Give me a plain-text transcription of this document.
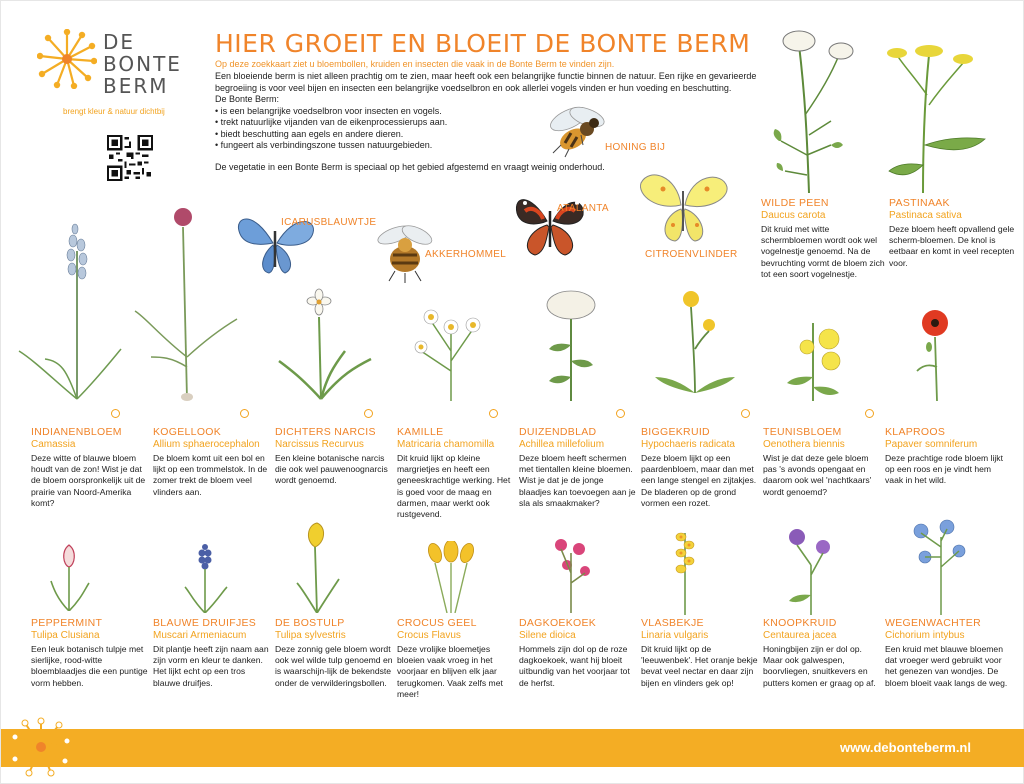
DE
BONTE
BERM
brengt kleur & natuur dichtbij
HIER GROEIT EN BLOEIT DE BONTE BERM
Op deze zoekkaart ziet u bloembollen, kruiden en insecten die vaak in de Bonte Berm te vinden zijn.

Een bloeiende berm is niet alleen prachtig om te zien, maar heeft ook een belangrijke functie binnen de natuur. Een rijke en gevarieerde begroeiing is voor veel bijen en insecten een belangrijke voedselbron en ook allerlei vogels vinden er hun voeding en beschutting.

De Bonte Berm:

• is een belangrijke voedselbron voor insecten en vogels.
• trekt natuurlijke vijanden van de eikenprocessierups aan.
• biedt beschutting aan egels en andere dieren.
• fungeert als verbindingszone tussen natuurgebieden.

De vegetatie in een Bonte Berm is speciaal op het gebied afgestemd en vraagt weinig onderhoud.

HONING BIJ
ICARUSBLAUWTJE
AKKERHOMMEL
ATALANTA
CITROENVLINDER
WILDE PEEN
Daucus carota
Dit kruid met witte schermbloemen wordt ook wel vogelnestje genoemd. Na de bevruchting vormt de bloem zich tot een soort vogelnestje.
PASTINAAK
Pastinaca sativa
Deze bloem heeft opvallend gele scherm-bloemen. De knol is eetbaar en komt in veel recepten voor.
INDIANENBLOEM
Camassia
Deze witte of blauwe bloem houdt van de zon! Wist je dat de bloem oorspronkelijk uit de prairie van Noord-Amerika komt?
KOGELLOOK
Allium sphaerocephalon
De bloem komt uit een bol en lijkt op een trommelstok. In de zomer trekt de bloem veel vlinders aan.
DICHTERS NARCIS
Narcissus Recurvus
Een kleine botanische narcis die ook wel pauwenoognarcis wordt genoemd.
KAMILLE
Matricaria chamomilla
Dit kruid lijkt op kleine margrietjes en heeft een geneeskrachtige werking. Het is goed voor de maag en darmen, maar werkt ook rustgevend.
DUIZENDBLAD
Achillea millefolium
Deze bloem heeft schermen met tientallen kleine bloemen. Wist je dat je de jonge blaadjes kan toevoegen aan je sla als smaakmaker?
BIGGEKRUID
Hypochaeris radicata
Deze bloem lijkt op een paardenbloem, maar dan met een lange stengel en zijtakjes. De bladeren op de grond vormen een rozet.
TEUNISBLOEM
Oenothera biennis
Wist je dat deze gele bloem pas 's avonds opengaat en daarom ook wel 'nachtkaars' wordt genoemd?
KLAPROOS
Papaver somniferum
Deze prachtige rode bloem lijkt op een roos en je vindt hem vaak in het wild.
PEPPERMINT
Tulipa Clusiana
Een leuk botanisch tulpje met sierlijke, rood-witte bloemblaadjes die een puntige vorm hebben.
BLAUWE DRUIFJES
Muscari Armeniacum
Dit plantje heeft zijn naam aan zijn vorm en kleur te danken. Het lijkt echt op een tros blauwe druifjes.
DE BOSTULP
Tulipa sylvestris
Deze zonnig gele bloem wordt ook wel wilde tulp genoemd en is waarschijn-lijk de bekendste onder de verwilderingsbollen.
CROCUS GEEL
Crocus Flavus
Deze vrolijke bloemetjes bloeien vaak vroeg in het voorjaar en blijven elk jaar terugkomen. Vaak zelfs met meer!
DAGKOEKOEK
Silene dioica
Hommels zijn dol op de roze dagkoekoek, want hij bloeit uitbundig van het voorjaar tot de herfst.
VLASBEKJE
Linaria vulgaris
Dit kruid lijkt op de 'leeuwenbek'. Het oranje bekje bevat veel nectar en daar zijn bijen en vlinders gek op!
KNOOPKRUID
Centaurea jacea
Honingbijen zijn er dol op. Maar ook galwespen, boorvliegen, snuitkevers en putters komen er graag op af.
WEGENWACHTER
Cichorium intybus
Een kruid met blauwe bloemen dat vroeger werd gebruikt voor het genezen van wondjes. De bloem bloeit vaak langs de weg.
www.debonteberm.nl
